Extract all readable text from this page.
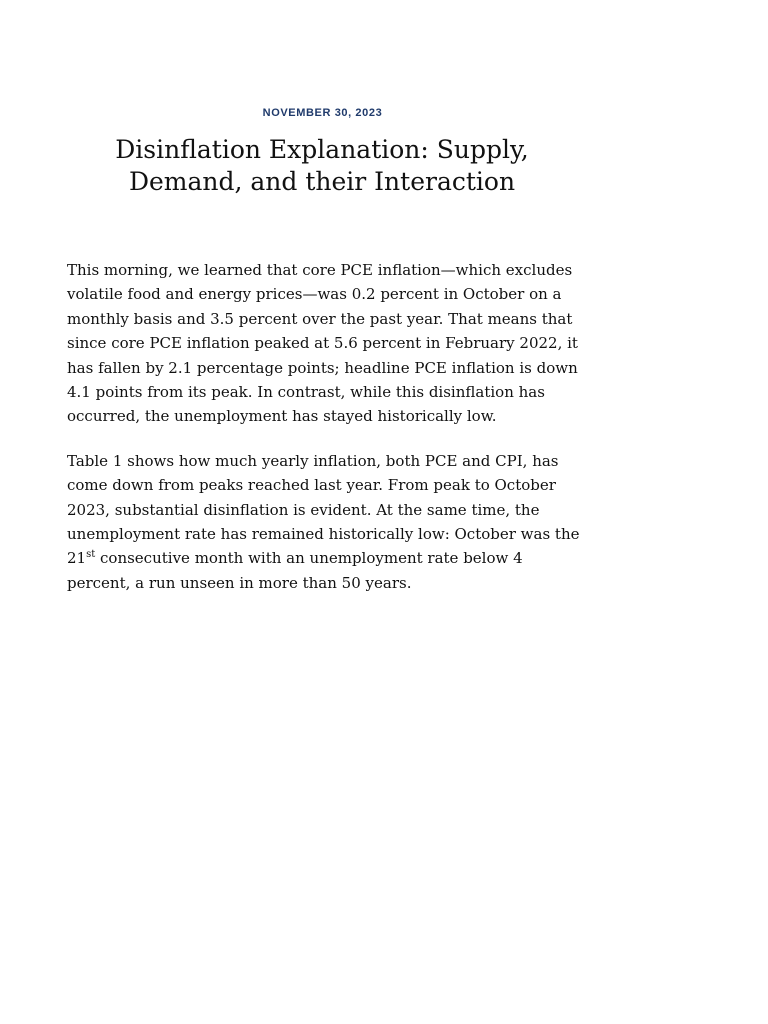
NOVEMBER 30, 2023
Disinflation Explanation: Supply, Demand, and their Interaction

This morning, we learned that core PCE inflation—which excludes volatile food and energy prices—was 0.2 percent in October on a monthly basis and 3.5 percent over the past year. That means that since core PCE inflation peaked at 5.6 percent in February 2022, it has fallen by 2.1 percentage points; headline PCE inflation is down 4.1 points from its peak. In contrast, while this disinflation has occurred, the unemployment has stayed historically low.

Table 1 shows how much yearly inflation, both PCE and CPI, has come down from peaks reached last year. From peak to October 2023, substantial disinflation is evident. At the same time, the unemployment rate has remained historically low: October was the 21st consecutive month with an unemployment rate below 4 percent, a run unseen in more than 50 years.
